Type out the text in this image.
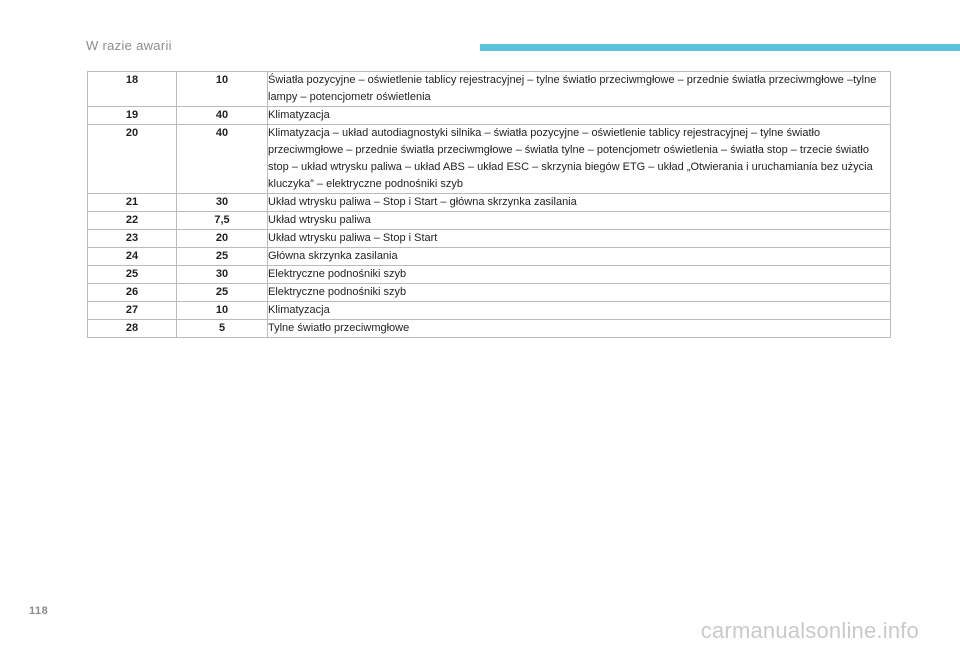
W razie awarii
18	10	Światła pozycyjne – oświetlenie tablicy rejestracyjnej – tylne światło przeciwmgłowe – przednie światła przeciwmgłowe –tylne lampy – potencjometr oświetlenia
19	40	Klimatyzacja
20	40	Klimatyzacja – układ autodiagnostyki silnika – światła pozycyjne – oświetlenie tablicy rejestracyjnej – tylne światło przeciwmgłowe – przednie światła przeciwmgłowe – światła tylne – potencjometr oświetlenia – światła stop – trzecie światło stop – układ wtrysku paliwa – układ ABS – układ ESC – skrzynia biegów ETG – układ „Otwierania i uruchamiania bez użycia kluczyka” – elektryczne podnośniki szyb
21	30	Układ wtrysku paliwa – Stop i Start – główna skrzynka zasilania
22	7,5	Układ wtrysku paliwa
23	20	Układ wtrysku paliwa – Stop i Start
24	25	Główna skrzynka zasilania
25	30	Elektryczne podnośniki szyb
26	25	Elektryczne podnośniki szyb
27	10	Klimatyzacja
28	5	Tylne światło przeciwmgłowe
118
carmanualsonline.info
